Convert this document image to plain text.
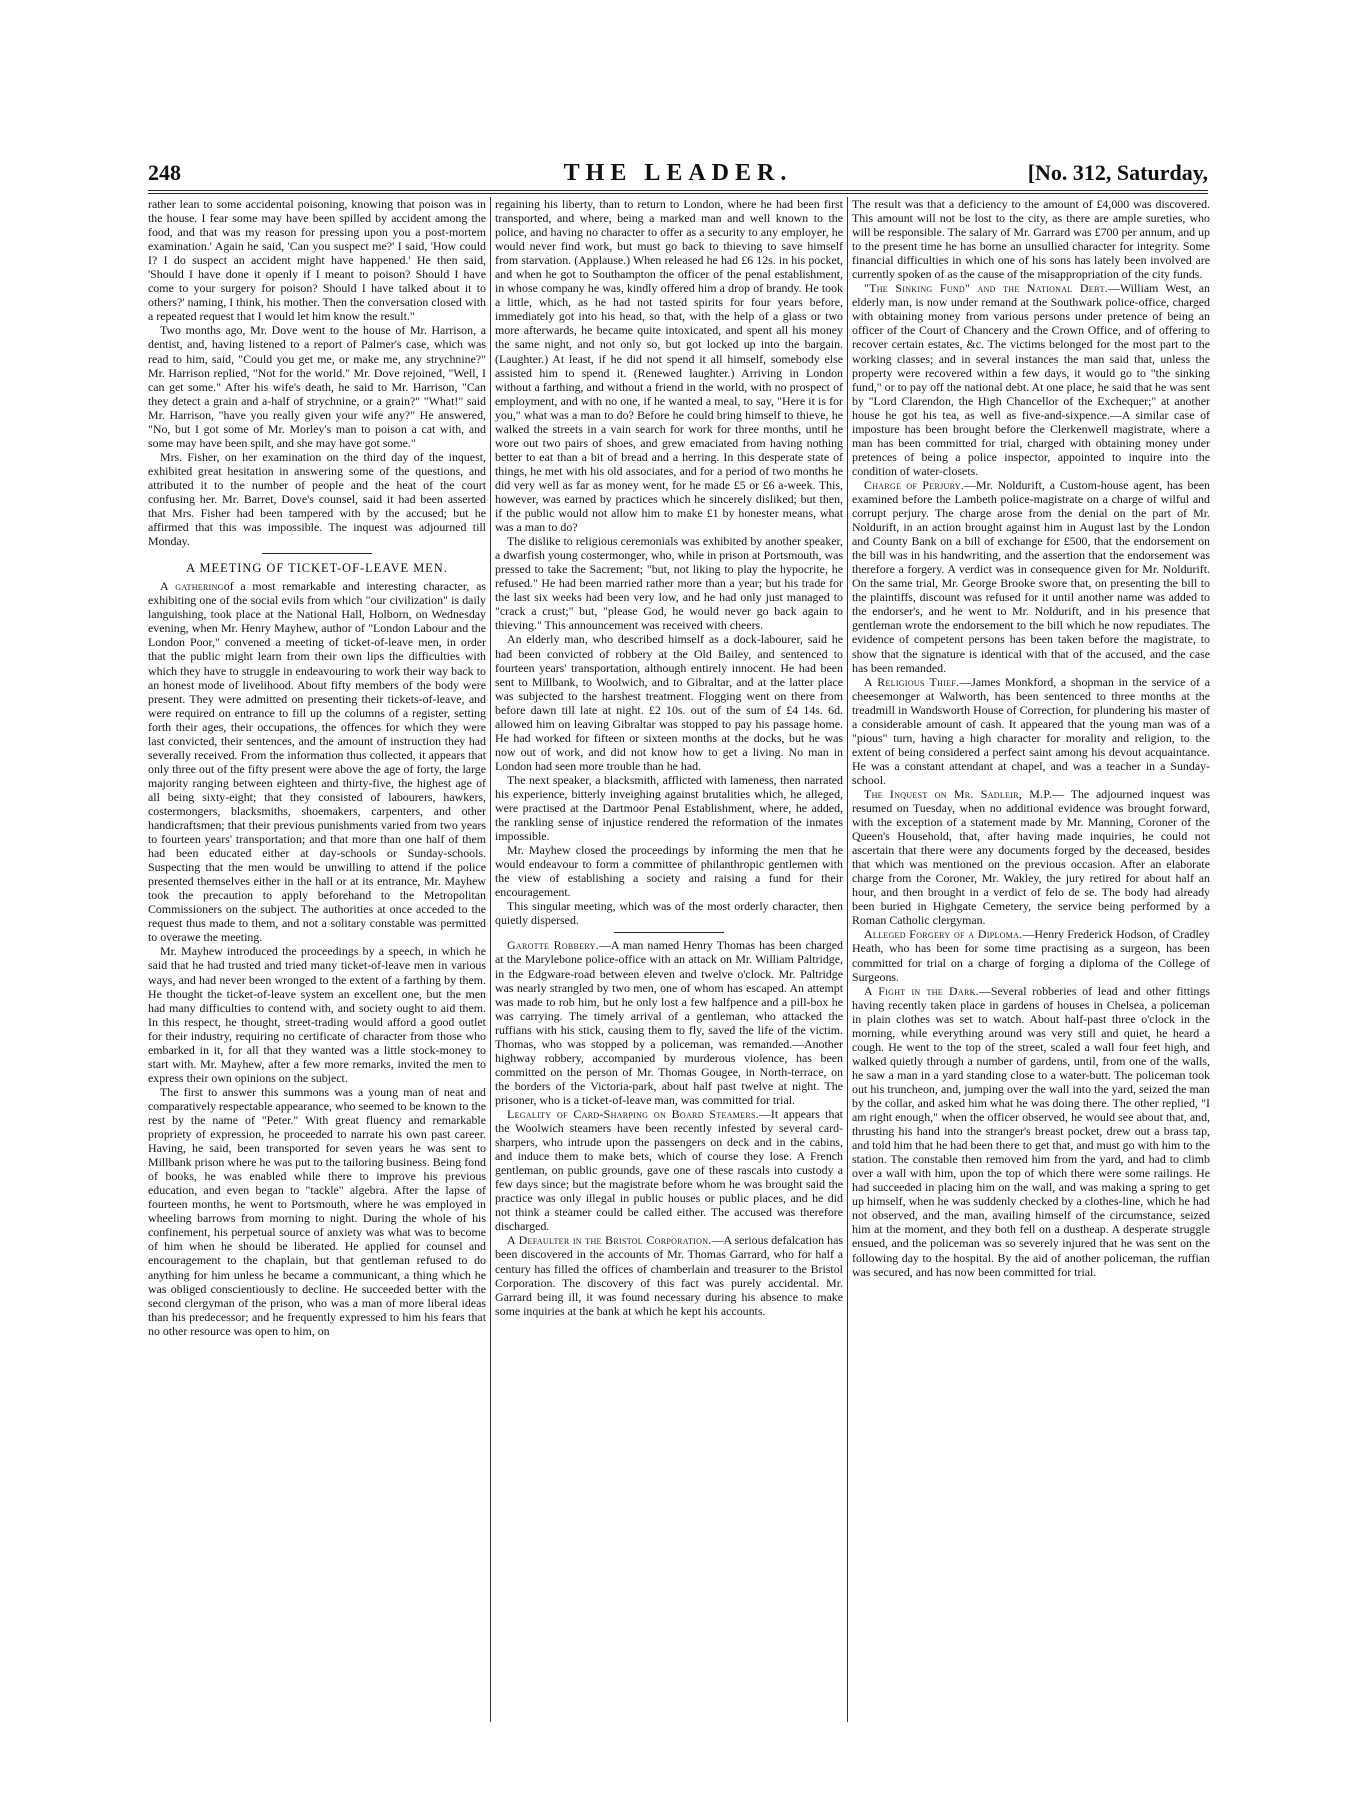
248	THE LEADER.	[No. 312, Saturday,

rather lean to some accidental poisoning, knowing that poison was in the house. I fear some may have been spilled by accident among the food, and that was my reason for pressing upon you a post-mortem examination.' Again he said, 'Can you suspect me?' I said, 'How could I? I do suspect an accident might have happened.' He then said, 'Should I have done it openly if I meant to poison? Should I have come to your surgery for poison? Should I have talked about it to others?' naming, I think, his mother. Then the conversation closed with a repeated request that I would let him know the result."

Two months ago, Mr. Dove went to the house of Mr. Harrison, a dentist, and, having listened to a report of Palmer's case, which was read to him, said, "Could you get me, or make me, any strychnine?" Mr. Harrison replied, "Not for the world." Mr. Dove rejoined, "Well, I can get some." After his wife's death, he said to Mr. Harrison, "Can they detect a grain and a-half of strychnine, or a grain?" "What!" said Mr. Harrison, "have you really given your wife any?" He answered, "No, but I got some of Mr. Morley's man to poison a cat with, and some may have been spilt, and she may have got some."

Mrs. Fisher, on her examination on the third day of the inquest, exhibited great hesitation in answering some of the questions, and attributed it to the number of people and the heat of the court confusing her. Mr. Barret, Dove's counsel, said it had been asserted that Mrs. Fisher had been tampered with by the accused; but he affirmed that this was impossible. The inquest was adjourned till Monday.

A MEETING OF TICKET-OF-LEAVE MEN.

A gatheringof a most remarkable and interesting character, as exhibiting one of the social evils from which "our civilization" is daily languishing, took place at the National Hall, Holborn, on Wednesday evening, when Mr. Henry Mayhew, author of "London Labour and the London Poor," convened a meeting of ticket-of-leave men, in order that the public might learn from their own lips the difficulties with which they have to struggle in endeavouring to work their way back to an honest mode of livelihood. About fifty members of the body were present. They were admitted on presenting their tickets-of-leave, and were required on entrance to fill up the columns of a register, setting forth their ages, their occupations, the offences for which they were last convicted, their sentences, and the amount of instruction they had severally received. From the information thus collected, it appears that only three out of the fifty present were above the age of forty, the large majority ranging between eighteen and thirty-five, the highest age of all being sixty-eight; that they consisted of labourers, hawkers, costermongers, blacksmiths, shoemakers, carpenters, and other handicraftsmen; that their previous punishments varied from two years to fourteen years' transportation; and that more than one half of them had been educated either at day-schools or Sunday-schools. Suspecting that the men would be unwilling to attend if the police presented themselves either in the hall or at its entrance, Mr. Mayhew took the precaution to apply beforehand to the Metropolitan Commissioners on the subject. The authorities at once acceded to the request thus made to them, and not a solitary constable was permitted to overawe the meeting.

Mr. Mayhew introduced the proceedings by a speech, in which he said that he had trusted and tried many ticket-of-leave men in various ways, and had never been wronged to the extent of a farthing by them. He thought the ticket-of-leave system an excellent one, but the men had many difficulties to contend with, and society ought to aid them. In this respect, he thought, street-trading would afford a good outlet for their industry, requiring no certificate of character from those who embarked in it, for all that they wanted was a little stock-money to start with. Mr. Mayhew, after a few more remarks, invited the men to express their own opinions on the subject.

The first to answer this summons was a young man of neat and comparatively respectable appearance, who seemed to be known to the rest by the name of "Peter." With great fluency and remarkable propriety of expression, he proceeded to narrate his own past career. Having, he said, been transported for seven years he was sent to Millbank prison where he was put to the tailoring business. Being fond of books, he was enabled while there to improve his previous education, and even began to "tackle" algebra. After the lapse of fourteen months, he went to Portsmouth, where he was employed in wheeling barrows from morning to night. During the whole of his confinement, his perpetual source of anxiety was what was to become of him when he should be liberated. He applied for counsel and encouragement to the chaplain, but that gentleman refused to do anything for him unless he became a communicant, a thing which he was obliged conscientiously to decline. He succeeded better with the second clergyman of the prison, who was a man of more liberal ideas than his predecessor; and he frequently expressed to him his fears that no other resource was open to him, on

regaining his liberty, than to return to London, where he had been first transported, and where, being a marked man and well known to the police, and having no character to offer as a security to any employer, he would never find work, but must go back to thieving to save himself from starvation. (Applause.) When released he had £6 12s. in his pocket, and when he got to Southampton the officer of the penal establishment, in whose company he was, kindly offered him a drop of brandy. He took a little, which, as he had not tasted spirits for four years before, immediately got into his head, so that, with the help of a glass or two more afterwards, he became quite intoxicated, and spent all his money the same night, and not only so, but got locked up into the bargain. (Laughter.) At least, if he did not spend it all himself, somebody else assisted him to spend it. (Renewed laughter.) Arriving in London without a farthing, and without a friend in the world, with no prospect of employment, and with no one, if he wanted a meal, to say, "Here it is for you," what was a man to do? Before he could bring himself to thieve, he walked the streets in a vain search for work for three months, until he wore out two pairs of shoes, and grew emaciated from having nothing better to eat than a bit of bread and a herring. In this desperate state of things, he met with his old associates, and for a period of two months he did very well as far as money went, for he made £5 or £6 a-week. This, however, was earned by practices which he sincerely disliked; but then, if the public would not allow him to make £1 by honester means, what was a man to do?

The dislike to religious ceremonials was exhibited by another speaker, a dwarfish young costermonger, who, while in prison at Portsmouth, was pressed to take the Sacrement; "but, not liking to play the hypocrite, he refused." He had been married rather more than a year; but his trade for the last six weeks had been very low, and he had only just managed to "crack a crust;" but, "please God, he would never go back again to thieving." This announcement was received with cheers.

An elderly man, who described himself as a dock-labourer, said he had been convicted of robbery at the Old Bailey, and sentenced to fourteen years' transportation, although entirely innocent. He had been sent to Millbank, to Woolwich, and to Gibraltar, and at the latter place was subjected to the harshest treatment. Flogging went on there from before dawn till late at night. £2 10s. out of the sum of £4 14s. 6d. allowed him on leaving Gibraltar was stopped to pay his passage home. He had worked for fifteen or sixteen months at the docks, but he was now out of work, and did not know how to get a living. No man in London had seen more trouble than he had.

The next speaker, a blacksmith, afflicted with lameness, then narrated his experience, bitterly inveighing against brutalities which, he alleged, were practised at the Dartmoor Penal Establishment, where, he added, the rankling sense of injustice rendered the reformation of the inmates impossible.

Mr. Mayhew closed the proceedings by informing the men that he would endeavour to form a committee of philanthropic gentlemen with the view of establishing a society and raising a fund for their encouragement.

This singular meeting, which was of the most orderly character, then quietly dispersed.

Garotte Robbery.—A man named Henry Thomas has been charged at the Marylebone police-office with an attack on Mr. William Paltridge, in the Edgware-road between eleven and twelve o'clock. Mr. Paltridge was nearly strangled by two men, one of whom has escaped. An attempt was made to rob him, but he only lost a few halfpence and a pill-box he was carrying. The timely arrival of a gentleman, who attacked the ruffians with his stick, causing them to fly, saved the life of the victim. Thomas, who was stopped by a policeman, was remanded.—Another highway robbery, accompanied by murderous violence, has been committed on the person of Mr. Thomas Gougee, in North-terrace, on the borders of the Victoria-park, about half past twelve at night. The prisoner, who is a ticket-of-leave man, was committed for trial.

Legality of Card-Sharping on Board Steamers.—It appears that the Woolwich steamers have been recently infested by several card-sharpers, who intrude upon the passengers on deck and in the cabins, and induce them to make bets, which of course they lose. A French gentleman, on public grounds, gave one of these rascals into custody a few days since; but the magistrate before whom he was brought said the practice was only illegal in public houses or public places, and he did not think a steamer could be called either. The accused was therefore discharged.

A Defaulter in the Bristol Corporation.—A serious defalcation has been discovered in the accounts of Mr. Thomas Garrard, who for half a century has filled the offices of chamberlain and treasurer to the Bristol Corporation. The discovery of this fact was purely accidental. Mr. Garrard being ill, it was found necessary during his absence to make some inquiries at the bank at which he kept his accounts.

The result was that a deficiency to the amount of £4,000 was discovered. This amount will not be lost to the city, as there are ample sureties, who will be responsible. The salary of Mr. Garrard was £700 per annum, and up to the present time he has borne an unsullied character for integrity. Some financial difficulties in which one of his sons has lately been involved are currently spoken of as the cause of the misappropriation of the city funds.

"The Sinking Fund" and the National Debt.—William West, an elderly man, is now under remand at the Southwark police-office, charged with obtaining money from various persons under pretence of being an officer of the Court of Chancery and the Crown Office, and of offering to recover certain estates, &c. The victims belonged for the most part to the working classes; and in several instances the man said that, unless the property were recovered within a few days, it would go to "the sinking fund," or to pay off the national debt. At one place, he said that he was sent by "Lord Clarendon, the High Chancellor of the Exchequer;" at another house he got his tea, as well as five-and-sixpence.—A similar case of imposture has been brought before the Clerkenwell magistrate, where a man has been committed for trial, charged with obtaining money under pretences of being a police inspector, appointed to inquire into the condition of water-closets.

Charge of Perjury.—Mr. Noldurift, a Custom-house agent, has been examined before the Lambeth police-magistrate on a charge of wilful and corrupt perjury. The charge arose from the denial on the part of Mr. Noldurift, in an action brought against him in August last by the London and County Bank on a bill of exchange for £500, that the endorsement on the bill was in his handwriting, and the assertion that the endorsement was therefore a forgery. A verdict was in consequence given for Mr. Noldurift. On the same trial, Mr. George Brooke swore that, on presenting the bill to the plaintiffs, discount was refused for it until another name was added to the endorser's, and he went to Mr. Noldurift, and in his presence that gentleman wrote the endorsement to the bill which he now repudiates. The evidence of competent persons has been taken before the magistrate, to show that the signature is identical with that of the accused, and the case has been remanded.

A Religious Thief.—James Monkford, a shopman in the service of a cheesemonger at Walworth, has been sentenced to three months at the treadmill in Wandsworth House of Correction, for plundering his master of a considerable amount of cash. It appeared that the young man was of a "pious" turn, having a high character for morality and religion, to the extent of being considered a perfect saint among his devout acquaintance. He was a constant attendant at chapel, and was a teacher in a Sunday-school.

The Inquest on Mr. Sadleir, M.P.— The adjourned inquest was resumed on Tuesday, when no additional evidence was brought forward, with the exception of a statement made by Mr. Manning, Coroner of the Queen's Household, that, after having made inquiries, he could not ascertain that there were any documents forged by the deceased, besides that which was mentioned on the previous occasion. After an elaborate charge from the Coroner, Mr. Wakley, the jury retired for about half an hour, and then brought in a verdict of felo de se. The body had already been buried in Highgate Cemetery, the service being performed by a Roman Catholic clergyman.

Alleged Forgery of a Diploma.—Henry Frederick Hodson, of Cradley Heath, who has been for some time practising as a surgeon, has been committed for trial on a charge of forging a diploma of the College of Surgeons.

A Fight in the Dark.—Several robberies of lead and other fittings having recently taken place in gardens of houses in Chelsea, a policeman in plain clothes was set to watch. About half-past three o'clock in the morning, while everything around was very still and quiet, he heard a cough. He went to the top of the street, scaled a wall four feet high, and walked quietly through a number of gardens, until, from one of the walls, he saw a man in a yard standing close to a water-butt. The policeman took out his truncheon, and, jumping over the wall into the yard, seized the man by the collar, and asked him what he was doing there. The other replied, "I am right enough," when the officer observed, he would see about that, and, thrusting his hand into the stranger's breast pocket, drew out a brass tap, and told him that he had been there to get that, and must go with him to the station. The constable then removed him from the yard, and had to climb over a wall with him, upon the top of which there were some railings. He had succeeded in placing him on the wall, and was making a spring to get up himself, when he was suddenly checked by a clothes-line, which he had not observed, and the man, availing himself of the circumstance, seized him at the moment, and they both fell on a dustheap. A desperate struggle ensued, and the policeman was so severely injured that he was sent on the following day to the hospital. By the aid of another policeman, the ruffian was secured, and has now been committed for trial.
